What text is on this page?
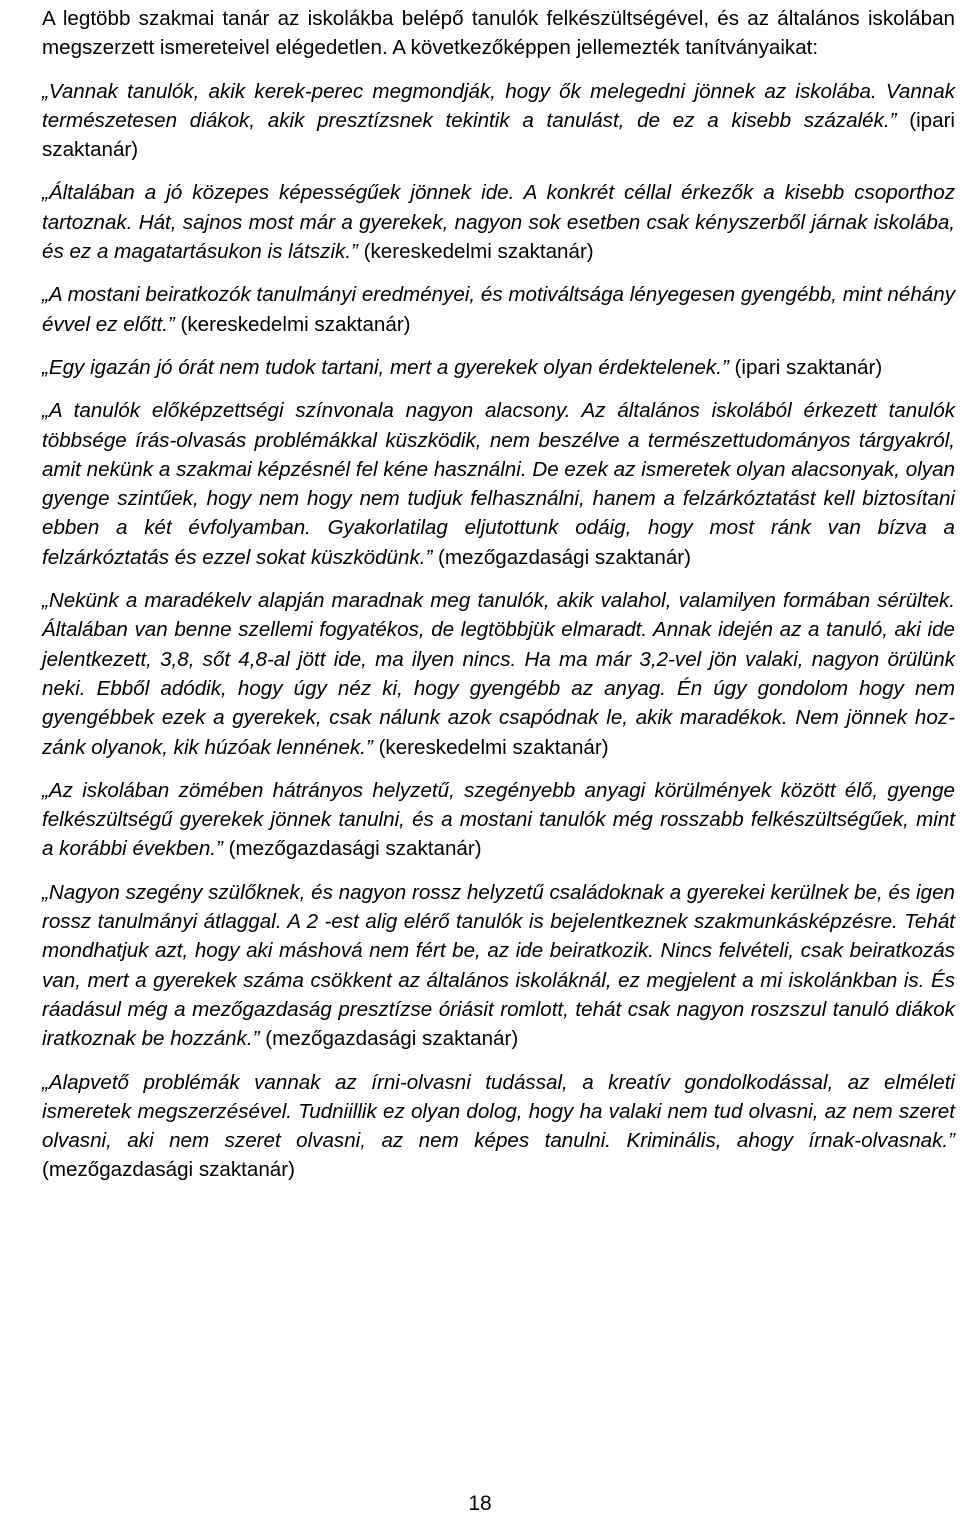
A legtöbb szakmai tanár az iskolákba belépő tanulók felkészültségével, és az általános iskolában megszerzett ismereteivel elégedetlen. A következőképpen jellemezték tanítványaikat:

„Vannak tanulók, akik kerek-perec megmondják, hogy ők melegedni jönnek az iskolába. Vannak természetesen diákok, akik presztízsnek tekintik a tanulást, de ez a kisebb százalék.” (ipari szaktanár)

„Általában a jó közepes képességűek jönnek ide. A konkrét céllal érkezők a kisebb csoporthoz tartoznak. Hát, sajnos most már a gyerekek, nagyon sok esetben csak kényszerből járnak iskolába, és ez a magatartásukon is látszik.” (kereskedelmi szaktanár)

„A mostani beiratkozók tanulmányi eredményei, és motiváltsága lényegesen gyengébb, mint néhány évvel ez előtt.” (kereskedelmi szaktanár)

„Egy igazán jó órát nem tudok tartani, mert a gyerekek olyan érdektelenek.” (ipari szaktanár)

„A tanulók előképzettségi színvonala nagyon alacsony. Az általános iskolából érkezett tanulók többsége írás-olvasás problémákkal küszködik, nem beszélve a természettudományos tárgyakról, amit nekünk a szakmai képzésnél fel kéne használni. De ezek az ismeretek olyan alacsonyak, olyan gyenge szintűek, hogy nem hogy nem tudjuk felhasználni, hanem a felzárkóztatást kell biztosítani ebben a két évfolyamban. Gyakorlatilag eljutottunk odáig, hogy most ránk van bízva a felzárkóztatás és ezzel sokat küszködünk.” (mezőgazdasági szaktanár)

„Nekünk a maradékelv alapján maradnak meg tanulók, akik valahol, valamilyen formában sérültek. Általában van benne szellemi fogyatékos, de legtöbbjük elmaradt. Annak idején az a tanuló, aki ide jelentkezett, 3,8, sőt 4,8-al jött ide, ma ilyen nincs. Ha ma már 3,2-vel jön valaki, nagyon örülünk neki. Ebből adódik, hogy úgy néz ki, hogy gyengébb az anyag. Én úgy gondolom hogy nem gyengébbek ezek a gyerekek, csak nálunk azok csapódnak le, akik maradékok. Nem jönnek hozzánk olyanok, kik húzóak lennének.” (kereskedelmi szaktanár)

„Az iskolában zömében hátrányos helyzetű, szegényebb anyagi körülmények között élő, gyenge felkészültségű gyerekek jönnek tanulni, és a mostani tanulók még rosszabb felkészültségűek, mint a korábbi években.” (mezőgazdasági szaktanár)

„Nagyon szegény szülőknek, és nagyon rossz helyzetű családoknak a gyerekei kerülnek be, és igen rossz tanulmányi átlaggal. A 2 -est alig elérő tanulók is bejelentkeznek szakmunkásképzésre. Tehát mondhatjuk azt, hogy aki máshová nem fért be, az ide beiratkozik. Nincs felvételi, csak beiratkozás van, mert a gyerekek száma csökkent az általános iskoláknál, ez megjelent a mi iskolánkban is. És ráadásul még a mezőgazdaság presztízse óriásit romlott, tehát csak nagyon roszszul tanuló diákok iratkoznak be hozzánk.” (mezőgazdasági szaktanár)

„Alapvető problémák vannak az írni-olvasni tudással, a kreatív gondolkodással, az elméleti ismeretek megszerzésével. Tudniillik ez olyan dolog, hogy ha valaki nem tud olvasni, az nem szeret olvasni, aki nem szeret olvasni, az nem képes tanulni. Kriminális, ahogy írnak-olvasnak.” (mezőgazdasági szaktanár)

18
